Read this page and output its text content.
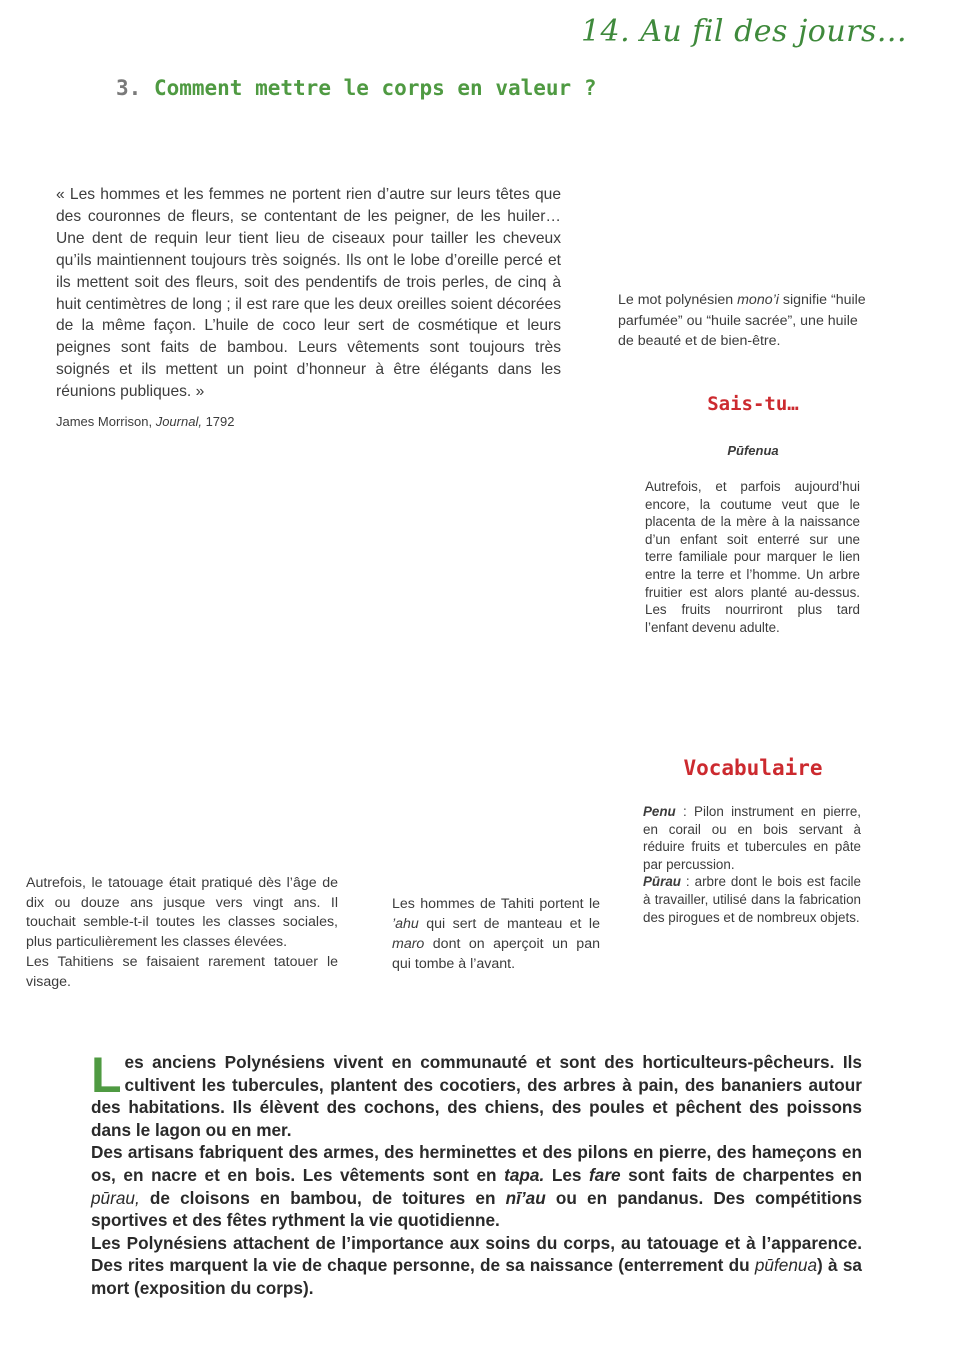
14. Au fil des jours...
3. Comment mettre le corps en valeur ?
« Les hommes et les femmes ne portent rien d’autre sur leurs têtes que des couronnes de fleurs, se contentant de les peigner, de les huiler… Une dent de requin leur tient lieu de ciseaux pour tailler les cheveux qu’ils maintiennent toujours très soignés. Ils ont le lobe d’oreille percé et ils mettent soit des fleurs, soit des pendentifs de trois perles, de cinq à huit centimètres de long ; il est rare que les deux oreilles soient décorées de la même façon. L’huile de coco leur sert de cosmétique et leurs peignes sont faits de bambou. Leurs vêtements sont toujours très soignés et ils mettent un point d’honneur à être élégants dans les réunions publiques. »
James Morrison, Journal, 1792
Le mot polynésien mono’i signifie “huile parfumée” ou “huile sacrée”, une huile de beauté et de bien-être.
Sais-tu…
Pūfenua
Autrefois, et parfois aujourd’hui encore, la coutume veut que le placenta de la mère à la naissance d’un enfant soit enterré sur une terre familiale pour marquer le lien entre la terre et l’homme. Un arbre fruitier est alors planté au-dessus. Les fruits nourriront plus tard l’enfant devenu adulte.
Vocabulaire
Penu : Pilon instrument en pierre, en corail ou en bois servant à réduire fruits et tubercules en pâte par percussion.
Pūrau : arbre dont le bois est facile à travailler, utilisé dans la fabrication des pirogues et de nombreux objets.
Autrefois, le tatouage était pratiqué dès l’âge de dix ou douze ans jusque vers vingt ans. Il touchait semble-t-il toutes les classes sociales, plus particulièrement les classes élevées.
Les Tahitiens se faisaient rarement tatouer le visage.
Les hommes de Tahiti portent le ’ahu qui sert de manteau et le maro dont on aperçoit un pan qui tombe à l’avant.

Les anciens Polynésiens vivent en communauté et sont des horticulteurs-pêcheurs. Ils cultivent les tubercules, plantent des cocotiers, des arbres à pain, des bananiers autour des habitations. Ils élèvent des cochons, des chiens, des poules et pêchent des poissons dans le lagon ou en mer.

Des artisans fabriquent des armes, des herminettes et des pilons en pierre, des hameçons en os, en nacre et en bois. Les vêtements sont en tapa. Les fare sont faits de charpentes en pūrau, de cloisons en bambou, de toitures en nī’au ou en pandanus. Des compétitions sportives et des fêtes rythment la vie quotidienne.

Les Polynésiens attachent de l’importance aux soins du corps, au tatouage et à l’apparence. Des rites marquent la vie de chaque personne, de sa naissance (enterrement du pūfenua) à sa mort (exposition du corps).
